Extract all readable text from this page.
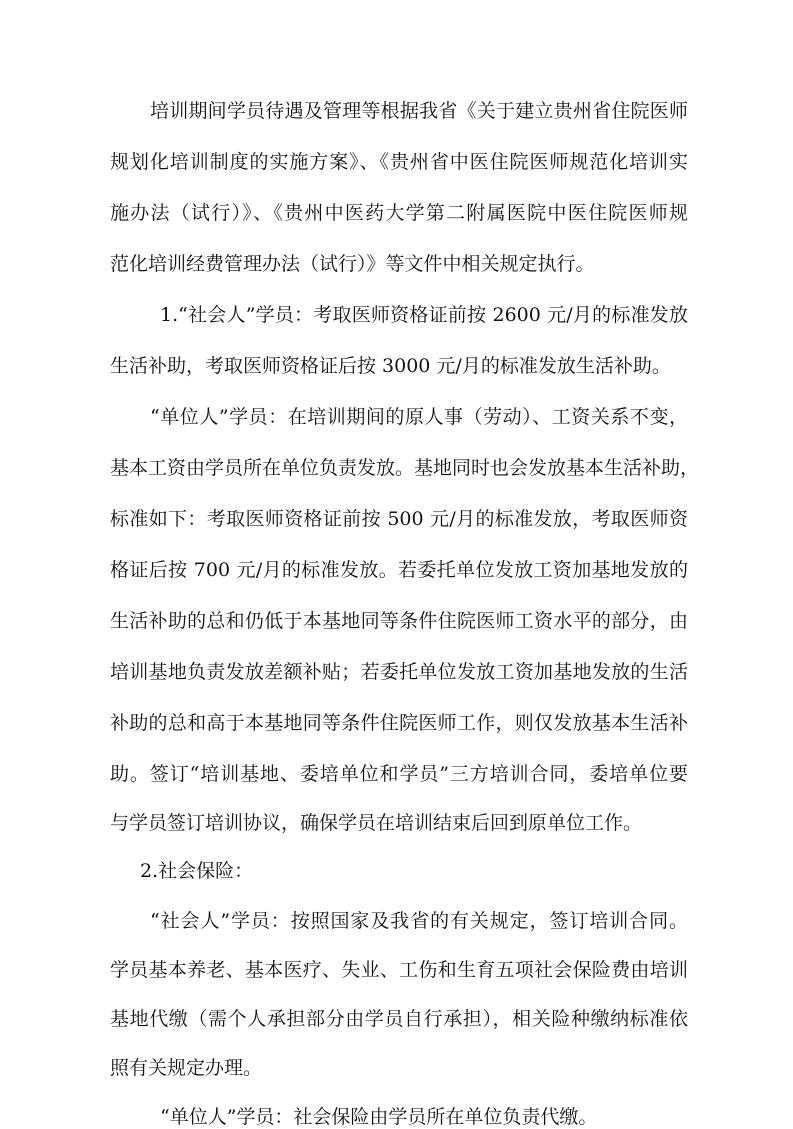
培训期间学员待遇及管理等根据我省《关于建立贵州省住院医师
规划化培训制度的实施方案》、《贵州省中医住院医师规范化培训实
施办法（试行）》、《贵州中医药大学第二附属医院中医住院医师规
范化培训经费管理办法（试行）》等文件中相关规定执行。
1.“社会人”学员：考取医师资格证前按 2600 元/月的标准发放
生活补助，考取医师资格证后按 3000 元/月的标准发放生活补助。
“单位人”学员：在培训期间的原人事（劳动）、工资关系不变，
基本工资由学员所在单位负责发放。基地同时也会发放基本生活补助，
标准如下：考取医师资格证前按 500 元/月的标准发放，考取医师资
格证后按 700 元/月的标准发放。若委托单位发放工资加基地发放的
生活补助的总和仍低于本基地同等条件住院医师工资水平的部分，由
培训基地负责发放差额补贴；若委托单位发放工资加基地发放的生活
补助的总和高于本基地同等条件住院医师工作，则仅发放基本生活补
助。签订“培训基地、委培单位和学员”三方培训合同，委培单位要
与学员签订培训协议，确保学员在培训结束后回到原单位工作。
2.社会保险：
“社会人”学员：按照国家及我省的有关规定，签订培训合同。
学员基本养老、基本医疗、失业、工伤和生育五项社会保险费由培训
基地代缴（需个人承担部分由学员自行承担），相关险种缴纳标准依
照有关规定办理。
“单位人”学员：社会保险由学员所在单位负责代缴。
